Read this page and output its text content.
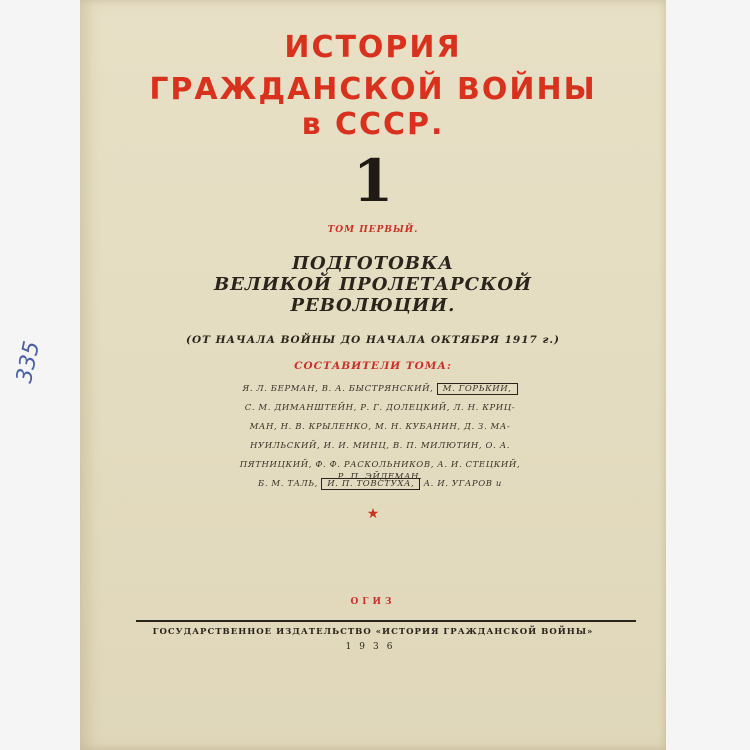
335
ИСТОРИЯ
ГРАЖДАНСКОЙ ВОЙНЫ
в СССР.
1
ТОМ ПЕРВЫЙ.
ПОДГОТОВКА
ВЕЛИКОЙ ПРОЛЕТАРСКОЙ
РЕВОЛЮЦИИ.
(ОТ НАЧАЛА ВОЙНЫ ДО НАЧАЛА ОКТЯБРЯ 1917 г.)
СОСТАВИТЕЛИ ТОМА:
Я. Л. БЕРМАН, В. А. БЫСТРЯНСКИЙ, М. ГОРЬКИЙ,
С. М. ДИМАНШТЕЙН, Р. Г. ДОЛЕЦКИЙ, Л. Н. КРИЦ-
МАН, Н. В. КРЫЛЕНКО, М. Н. КУБАНИН, Д. З. МА-
НУИЛЬСКИЙ, И. И. МИНЦ, В. П. МИЛЮТИН, О. А.
ПЯТНИЦКИЙ, Ф. Ф. РАСКОЛЬНИКОВ, А. И. СТЕЦКИЙ,
Б. М. ТАЛЬ, И. П. ТОВСТУХА, А. И. УГАРОВ и
Р. П. ЭЙДЕМАН.
★
ОГИЗ
ГОСУДАРСТВЕННОЕ ИЗДАТЕЛЬСТВО «ИСТОРИЯ ГРАЖДАНСКОЙ ВОЙНЫ»
1936
